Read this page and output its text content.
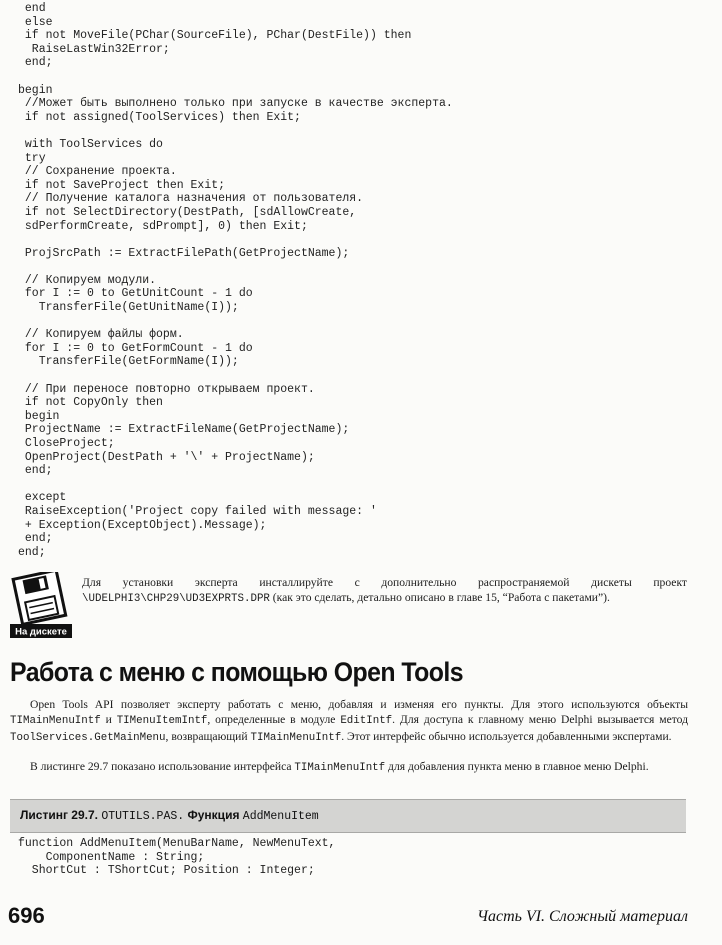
end
else
if not MoveFile(PChar(SourceFile), PChar(DestFile)) then
RaiseLastWin32Error;
end;
begin
//Может быть выполнено только при запуске в качестве эксперта.
if not assigned(ToolServices) then Exit;
with ToolServices do
try
// Сохранение проекта.
if not SaveProject then Exit;
// Получение каталога назначения от пользователя.
if not SelectDirectory(DestPath, [sdAllowCreate,
sdPerformCreate, sdPrompt], 0) then Exit;
ProjSrcPath := ExtractFilePath(GetProjectName);
// Копируем модули.
for I := 0 to GetUnitCount - 1 do
TransferFile(GetUnitName(I));
// Копируем файлы форм.
for I := 0 to GetFormCount - 1 do
TransferFile(GetFormName(I));
// При переносе повторно открываем проект.
if not CopyOnly then
begin
ProjectName := ExtractFileName(GetProjectName);
CloseProject;
OpenProject(DestPath + '\' + ProjectName);
end;
except
RaiseException('Project copy failed with message: '
+ Exception(ExceptObject).Message);
end;
end;
На дискете
Для установки эксперта инсталлируйте с дополнительно распространяемой дискеты проект \UDELPHI3\CHP29\UD3EXPRTS.DPR (как это сделать, детально описано в главе 15, “Работа с пакетами”).
Работа с меню с помощью Open Tools

Open Tools API позволяет эксперту работать с меню, добавляя и изменяя его пункты. Для этого используются объекты TIMainMenuIntf и TIMenuItemIntf, определенные в модуле EditIntf. Для доступа к главному меню Delphi вызывается метод ToolServices.GetMainMenu, возвращающий TIMainMenuIntf. Этот интерфейс обычно используется добавленными экспертами.

В листинге 29.7 показано использование интерфейса TIMainMenuIntf для добавления пункта меню в главное меню Delphi.

Листинг 29.7. OTUTILS.PAS. Функция AddMenuItem

function AddMenuItem(MenuBarName, NewMenuText,
ComponentName : String;
ShortCut : TShortCut; Position : Integer;

696	Часть VI. Сложный материал
